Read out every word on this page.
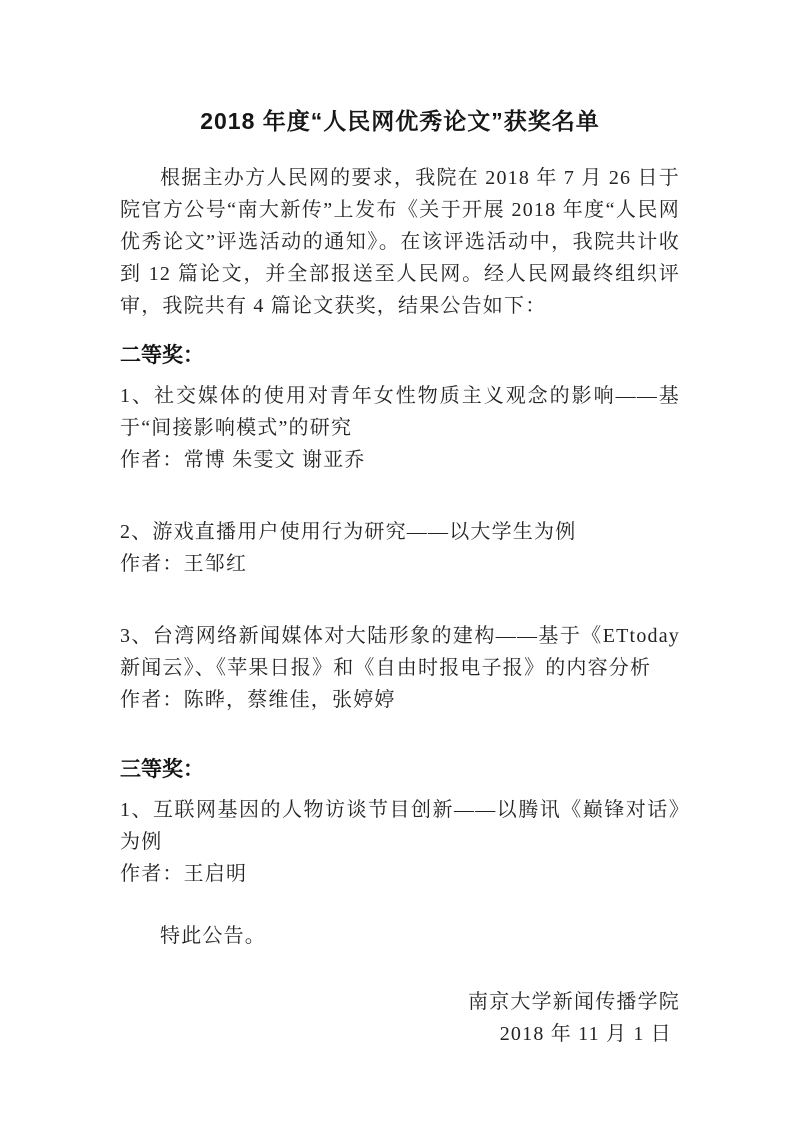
2018 年度“人民网优秀论文”获奖名单

根据主办方人民网的要求，我院在 2018 年 7 月 26 日于院官方公号“南大新传”上发布《关于开展 2018 年度“人民网优秀论文”评选活动的通知》。在该评选活动中，我院共计收到 12 篇论文，并全部报送至人民网。经人民网最终组织评审，我院共有 4 篇论文获奖，结果公告如下：

二等奖：

1、社交媒体的使用对青年女性物质主义观念的影响——基于“间接影响模式”的研究

作者：常博 朱雯文 谢亚乔

2、游戏直播用户使用行为研究——以大学生为例

作者：王邹红

3、台湾网络新闻媒体对大陆形象的建构——基于《ETtoday 新闻云》、《苹果日报》和《自由时报电子报》的内容分析

作者：陈晔，蔡维佳，张婷婷

三等奖：

1、互联网基因的人物访谈节目创新——以腾讯《巅锋对话》为例

作者：王启明

特此公告。

南京大学新闻传播学院

2018 年 11 月 1 日
